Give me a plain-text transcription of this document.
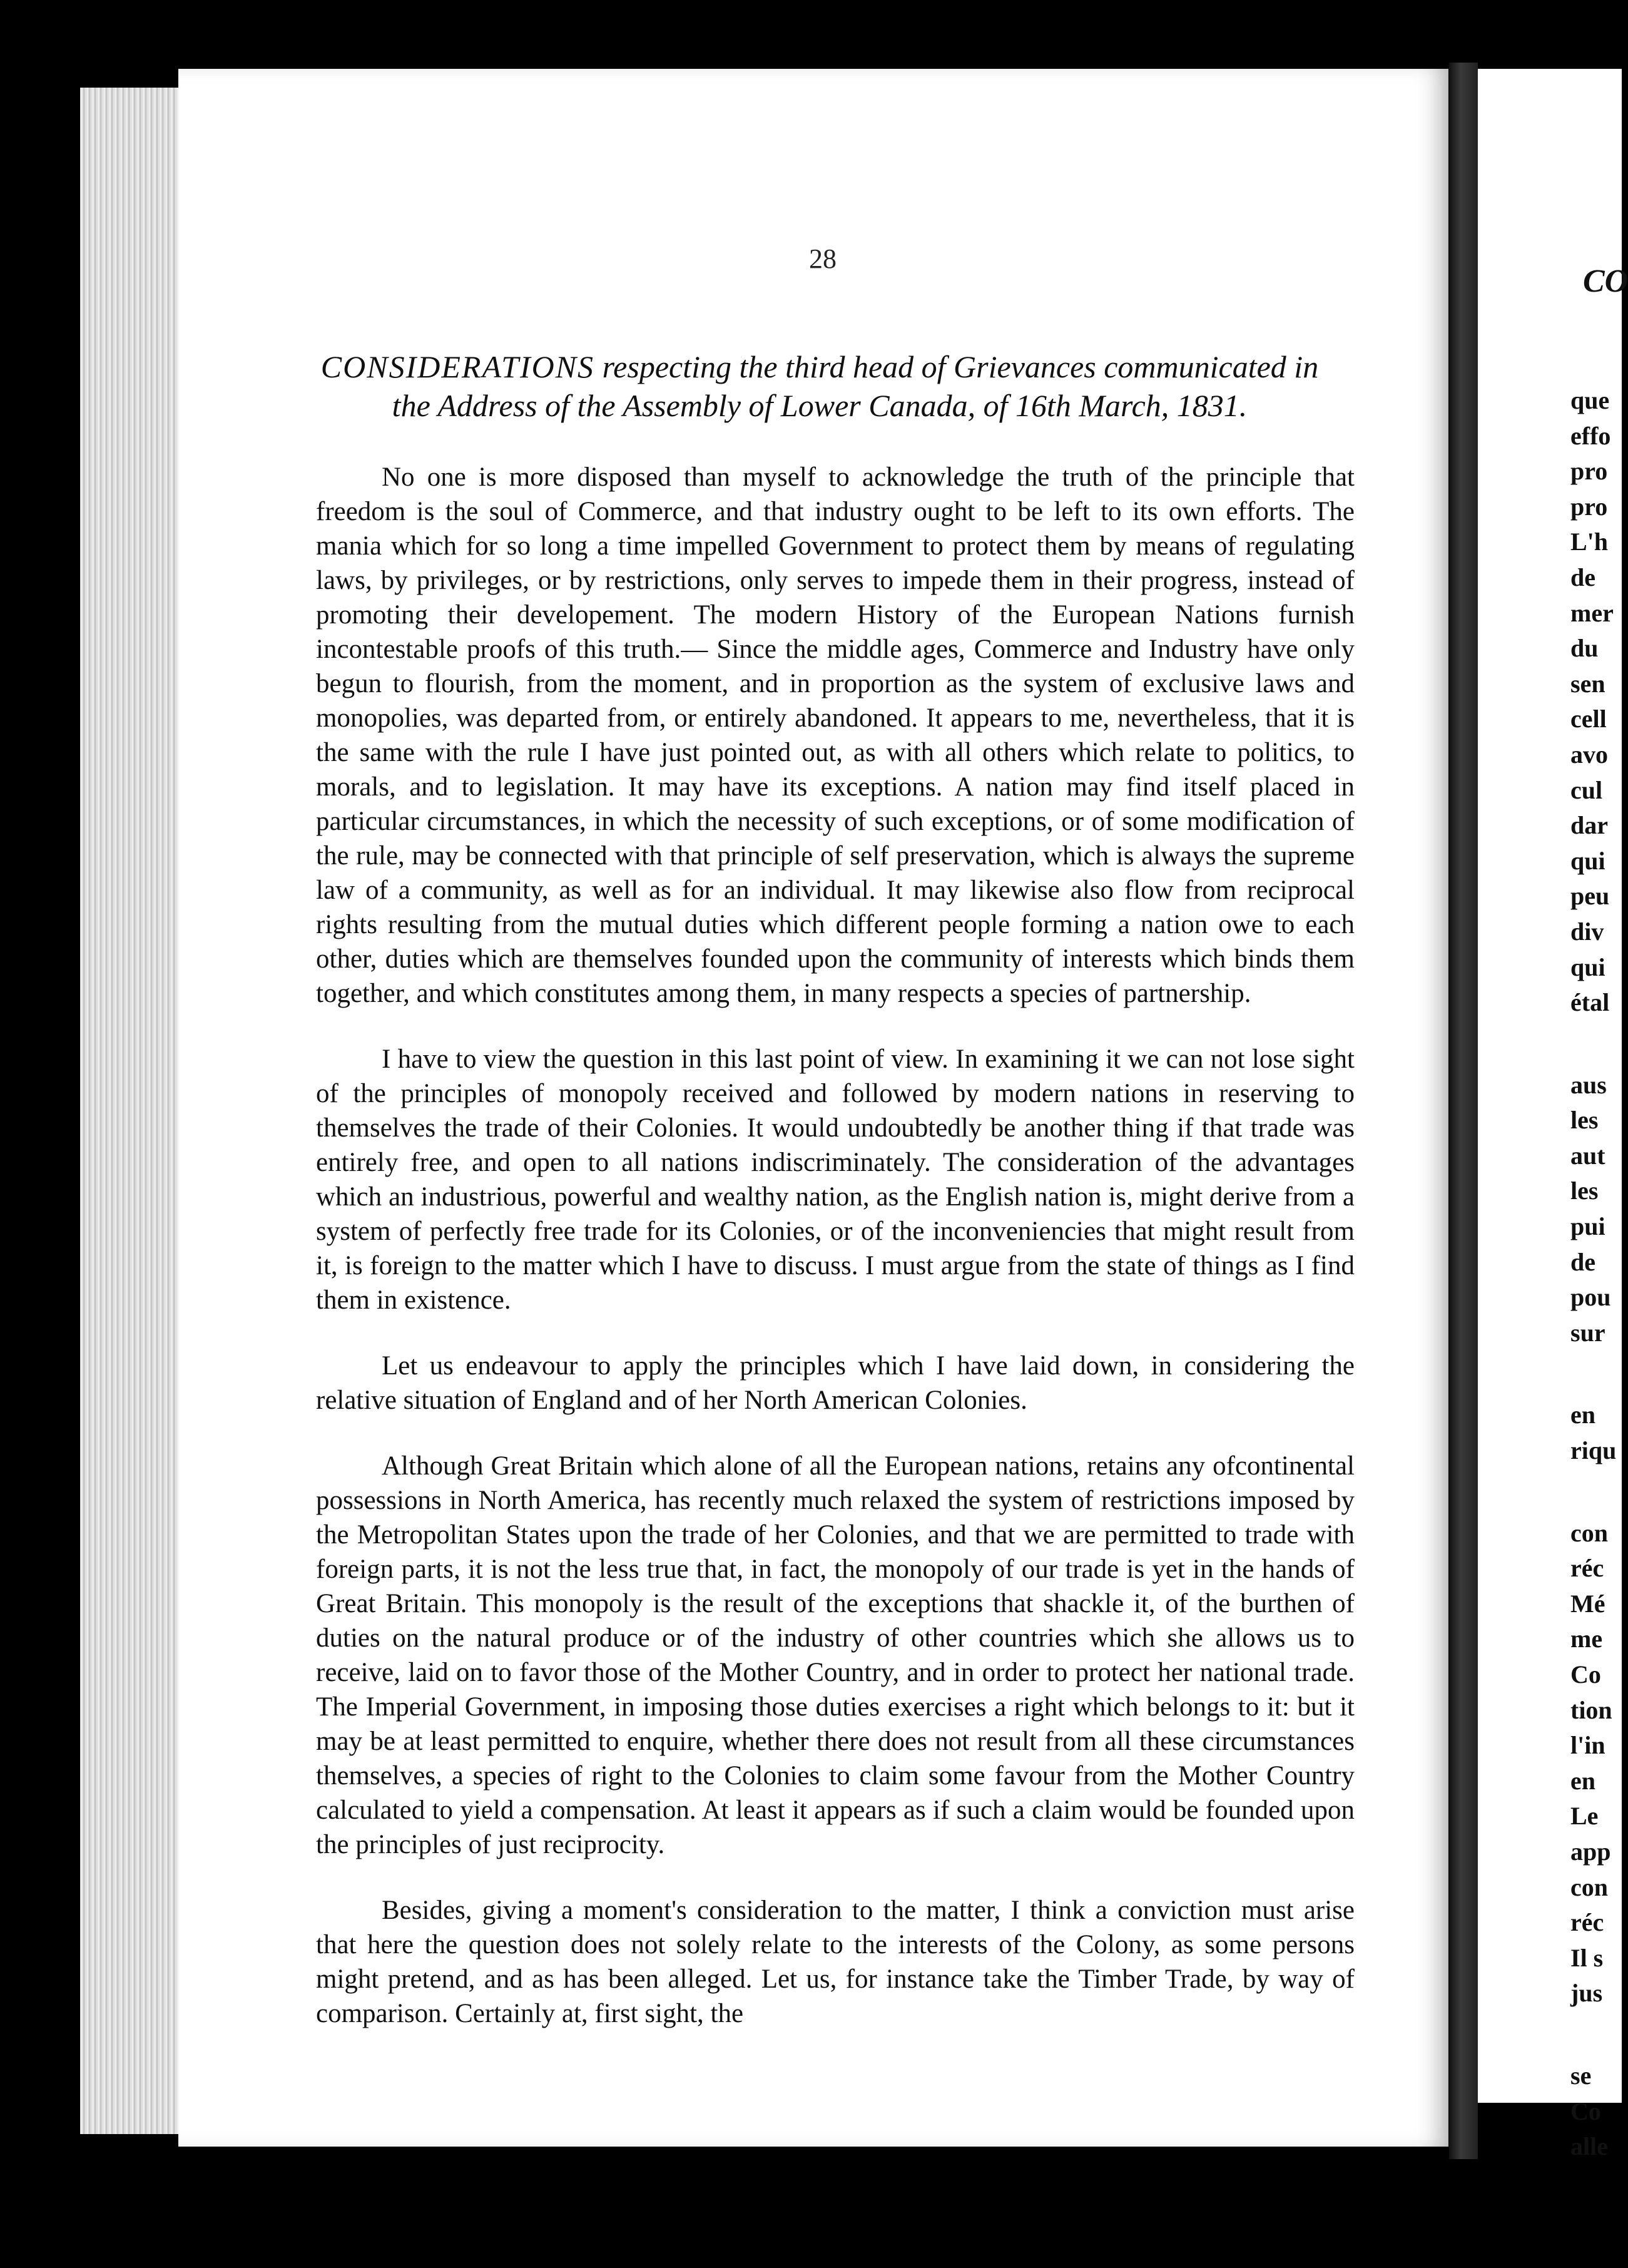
28
CO
CONSIDERATIONS respecting the third head of Grievances communicated in
the Address of the Assembly of Lower Canada, of 16th March, 1831.

No one is more disposed than myself to acknowledge the truth of the principle that freedom is the soul of Commerce, and that industry ought to be left to its own efforts. The mania which for so long a time impelled Government to protect them by means of regulating laws, by privileges, or by restrictions, only serves to impede them in their progress, instead of promoting their developement. The modern History of the European Nations furnish incontestable proofs of this truth.— Since the middle ages, Commerce and Industry have only begun to flourish, from the moment, and in proportion as the system of exclusive laws and monopolies, was departed from, or entirely abandoned. It appears to me, nevertheless, that it is the same with the rule I have just pointed out, as with all others which relate to politics, to morals, and to legislation. It may have its exceptions. A nation may find itself placed in particular circumstances, in which the necessity of such exceptions, or of some modification of the rule, may be connected with that principle of self preservation, which is always the supreme law of a community, as well as for an individual. It may likewise also flow from reciprocal rights resulting from the mutual duties which different people forming a nation owe to each other, duties which are themselves founded upon the community of interests which binds them together, and which constitutes among them, in many respects a species of partnership.

I have to view the question in this last point of view. In examining it we can not lose sight of the principles of monopoly received and followed by modern nations in reserving to themselves the trade of their Colonies. It would undoubtedly be another thing if that trade was entirely free, and open to all nations indiscriminately. The consideration of the advantages which an industrious, powerful and wealthy nation, as the English nation is, might derive from a system of perfectly free trade for its Colonies, or of the inconveniencies that might result from it, is foreign to the matter which I have to discuss. I must argue from the state of things as I find them in existence.

Let us endeavour to apply the principles which I have laid down, in considering the relative situation of England and of her North American Colonies.

Although Great Britain which alone of all the European nations, retains any ofcontinental possessions in North America, has recently much relaxed the system of restrictions imposed by the Metropolitan States upon the trade of her Colonies, and that we are permitted to trade with foreign parts, it is not the less true that, in fact, the monopoly of our trade is yet in the hands of Great Britain. This monopoly is the result of the exceptions that shackle it, of the burthen of duties on the natural produce or of the industry of other countries which she allows us to receive, laid on to favor those of the Mother Country, and in order to protect her national trade. The Imperial Government, in imposing those duties exercises a right which belongs to it: but it may be at least permitted to enquire, whether there does not result from all these circumstances themselves, a species of right to the Colonies to claim some favour from the Mother Country calculated to yield a compensation. At least it appears as if such a claim would be founded upon the principles of just reciprocity.

Besides, giving a moment's consideration to the matter, I think a conviction must arise that here the question does not solely relate to the interests of the Colony, as some persons might pretend, and as has been alleged. Let us, for instance take the Timber Trade, by way of comparison. Certainly at, first sight, the

que
effo
pro
pro
L'h
de
mer
du
sen
cell
avo
cul
dar
qui
peu
div
qui
étal
aus
les
aut
les
pui
de
pou
sur
en
riqu
con
réc
Mé
me
Co
tion
l'in
en
Le
app
con
réc
Il s
jus
se
Co
alle
